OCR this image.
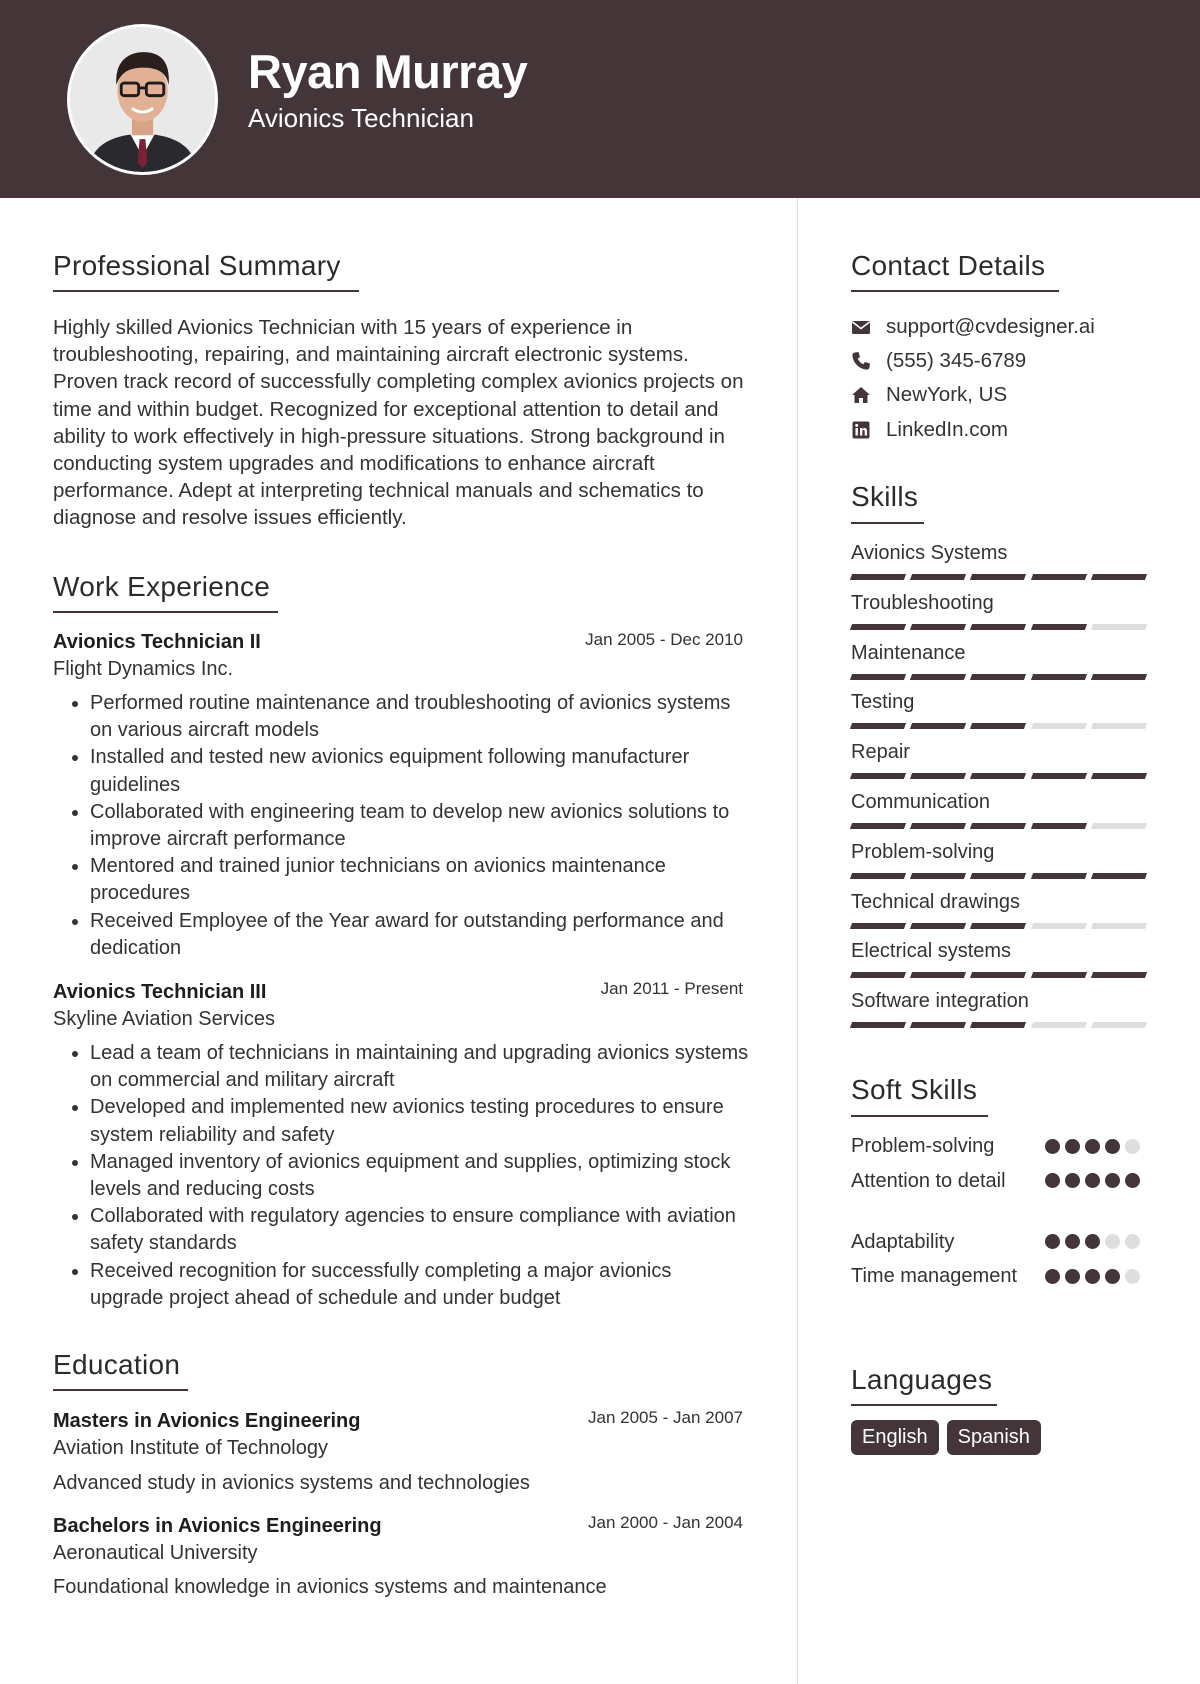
Ryan Murray
Avionics Technician
Professional Summary
Highly skilled Avionics Technician with 15 years of experience in troubleshooting, repairing, and maintaining aircraft electronic systems. Proven track record of successfully completing complex avionics projects on time and within budget. Recognized for exceptional attention to detail and ability to work effectively in high-pressure situations. Strong background in conducting system upgrades and modifications to enhance aircraft performance. Adept at interpreting technical manuals and schematics to diagnose and resolve issues efficiently.
Work Experience
Avionics Technician II	Jan 2005 - Dec 2010
Flight Dynamics Inc.
• Performed routine maintenance and troubleshooting of avionics systems on various aircraft models
• Installed and tested new avionics equipment following manufacturer guidelines
• Collaborated with engineering team to develop new avionics solutions to improve aircraft performance
• Mentored and trained junior technicians on avionics maintenance procedures
• Received Employee of the Year award for outstanding performance and dedication
Avionics Technician III	Jan 2011 - Present
Skyline Aviation Services
• Lead a team of technicians in maintaining and upgrading avionics systems on commercial and military aircraft
• Developed and implemented new avionics testing procedures to ensure system reliability and safety
• Managed inventory of avionics equipment and supplies, optimizing stock levels and reducing costs
• Collaborated with regulatory agencies to ensure compliance with aviation safety standards
• Received recognition for successfully completing a major avionics upgrade project ahead of schedule and under budget
Education
Masters in Avionics Engineering	Jan 2005 - Jan 2007
Aviation Institute of Technology
Advanced study in avionics systems and technologies
Bachelors in Avionics Engineering	Jan 2000 - Jan 2004
Aeronautical University
Foundational knowledge in avionics systems and maintenance
Contact Details
support@cvdesigner.ai
(555) 345-6789
NewYork, US
LinkedIn.com
Skills
Avionics Systems
Troubleshooting
Maintenance
Testing
Repair
Communication
Problem-solving
Technical drawings
Electrical systems
Software integration
Soft Skills
Problem-solving
Attention to detail
Adaptability
Time management
Languages
English	Spanish
